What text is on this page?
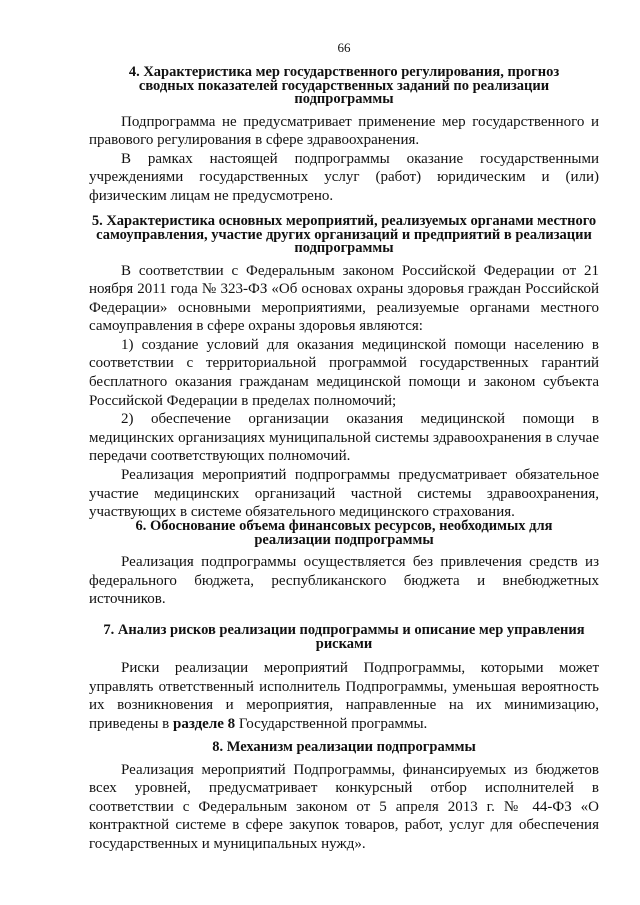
66
4. Характеристика мер государственного регулирования, прогноз сводных показателей государственных заданий по реализации подпрограммы

Подпрограмма не предусматривает применение мер государственного и правового регулирования в сфере здравоохранения.

В рамках настоящей подпрограммы оказание государственными учреждениями государственных услуг (работ) юридическим и (или) физическим лицам не предусмотрено.

5. Характеристика основных мероприятий, реализуемых органами местного самоуправления, участие других организаций и предприятий в реализации подпрограммы

В соответствии с Федеральным законом Российской Федерации от 21 ноября 2011 года № 323-ФЗ «Об основах охраны здоровья граждан Российской Федерации» основными мероприятиями, реализуемые органами местного самоуправления в сфере охраны здоровья являются:

1) создание условий для оказания медицинской помощи населению в соответствии с территориальной программой государственных гарантий бесплатного оказания гражданам медицинской помощи и законом субъекта Российской Федерации в пределах полномочий;

2) обеспечение организации оказания медицинской помощи в медицинских организациях муниципальной системы здравоохранения в случае передачи соответствующих полномочий.

Реализация мероприятий подпрограммы предусматривает обязательное участие медицинских организаций частной системы здравоохранения, участвующих в системе обязательного медицинского страхования.

6. Обоснование объема финансовых ресурсов, необходимых для реализации подпрограммы

Реализация подпрограммы осуществляется без привлечения средств из федерального бюджета, республиканского бюджета и внебюджетных источников.

7. Анализ рисков реализации подпрограммы и описание мер управления рисками

Риски реализации мероприятий Подпрограммы, которыми может управлять ответственный исполнитель Подпрограммы, уменьшая вероятность их возникновения и мероприятия, направленные на их минимизацию, приведены в разделе 8 Государственной программы.

8. Механизм реализации подпрограммы

Реализация мероприятий Подпрограммы, финансируемых из бюджетов всех уровней, предусматривает конкурсный отбор исполнителей в соответствии с Федеральным законом от 5 апреля 2013 г. № 44-ФЗ «О контрактной системе в сфере закупок товаров, работ, услуг для обеспечения государственных и муниципальных нужд».
